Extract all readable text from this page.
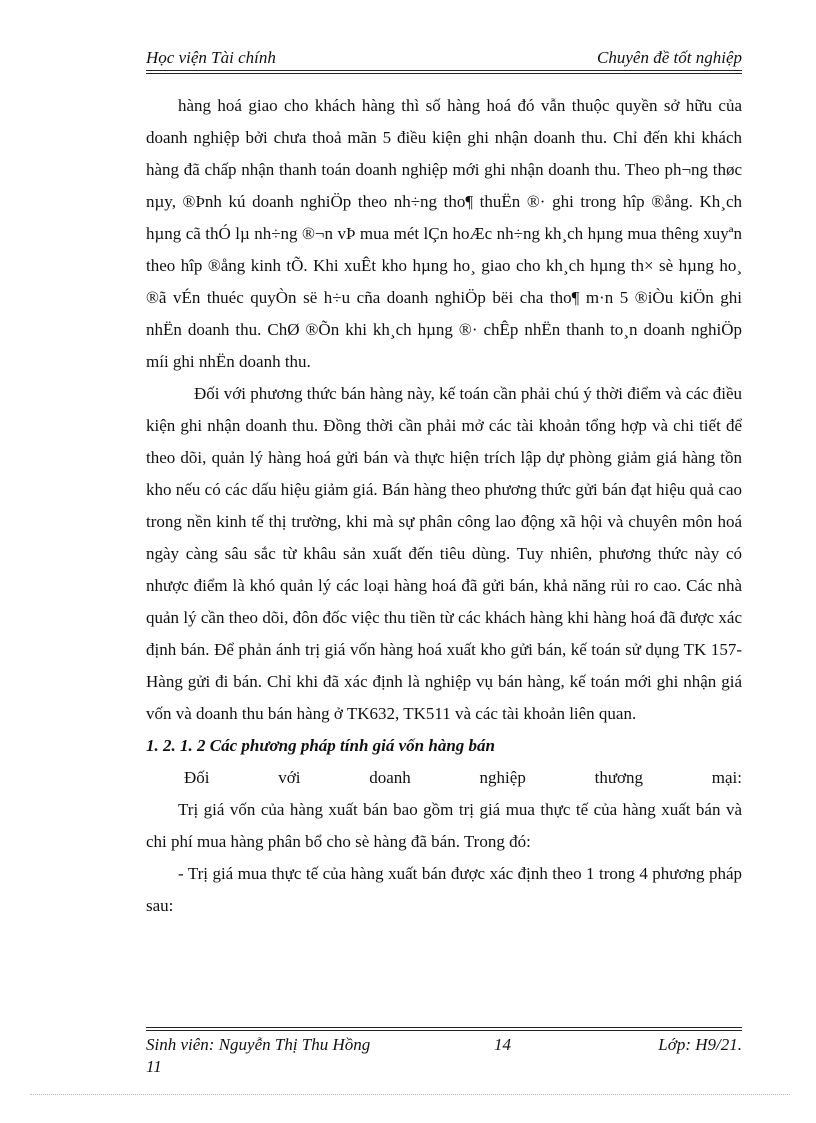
Học viện Tài chính	Chuyên đề tốt nghiệp

hàng hoá giao cho khách hàng thì số hàng hoá đó vẫn thuộc quyền sở hữu của doanh nghiệp bởi chưa thoả mãn 5 điều kiện ghi nhận doanh thu. Chỉ đến khi khách hàng đã chấp nhận thanh toán doanh nghiệp mới ghi nhận doanh thu. Theo ph¬ng thøc nµy, ®Þnh kú doanh nghiÖp theo nh÷ng tho¶ thuËn ®· ghi trong hîp ®ång. Kh¸ch hµng cã thÓ lµ nh÷ng ®¬n vÞ mua mét lÇn hoÆc nh÷ng kh¸ch hµng mua thêng xuyªn theo hîp ®ång kinh tÕ. Khi xuÊt kho hµng ho¸ giao cho kh¸ch hµng th× sè hµng ho¸ ®ã vÉn thuéc quyÒn së h÷u cña doanh nghiÖp bëi cha tho¶ m·n 5 ®iÒu kiÖn ghi nhËn doanh thu. ChØ ®Õn khi kh¸ch hµng ®· chÊp nhËn thanh to¸n doanh nghiÖp míi ghi nhËn doanh thu.

Đối với phương thức bán hàng này, kế toán cần phải chú ý thời điểm và các điều kiện ghi nhận doanh thu. Đồng thời cần phải mở các tài khoản tổng hợp và chi tiết để theo dõi, quản lý hàng hoá gửi bán và thực hiện trích lập dự phòng giảm giá hàng tồn kho nếu có các dấu hiệu giảm giá. Bán hàng theo phương thức gửi bán đạt hiệu quả cao trong nền kinh tế thị trường, khi mà sự phân công lao động xã hội và chuyên môn hoá ngày càng sâu sắc từ khâu sản xuất đến tiêu dùng. Tuy nhiên, phương thức này có nhược điểm là khó quản lý các loại hàng hoá đã gửi bán, khả năng rủi ro cao. Các nhà quản lý cần theo dõi, đôn đốc việc thu tiền từ các khách hàng khi hàng hoá đã được xác định bán. Để phản ánh trị giá vốn hàng hoá xuất kho gửi bán, kế toán sử dụng TK 157- Hàng gửi đi bán. Chỉ khi đã xác định là nghiệp vụ bán hàng, kế toán mới ghi nhận giá vốn và doanh thu bán hàng ở TK632, TK511 và các tài khoản liên quan.

1. 2. 1. 2 Các phương pháp tính giá vốn hàng bán

Đối với doanh nghiệp thương mại:

Trị giá vốn của hàng xuất bán bao gồm trị giá mua thực tế của hàng xuất bán và chi phí mua hàng phân bổ cho sè hàng đã bán. Trong đó:

- Trị giá mua thực tế của hàng xuất bán được xác định theo 1 trong 4 phương pháp sau:

Sinh viên: Nguyễn Thị Thu Hồng	14	Lớp: H9/21.
11
